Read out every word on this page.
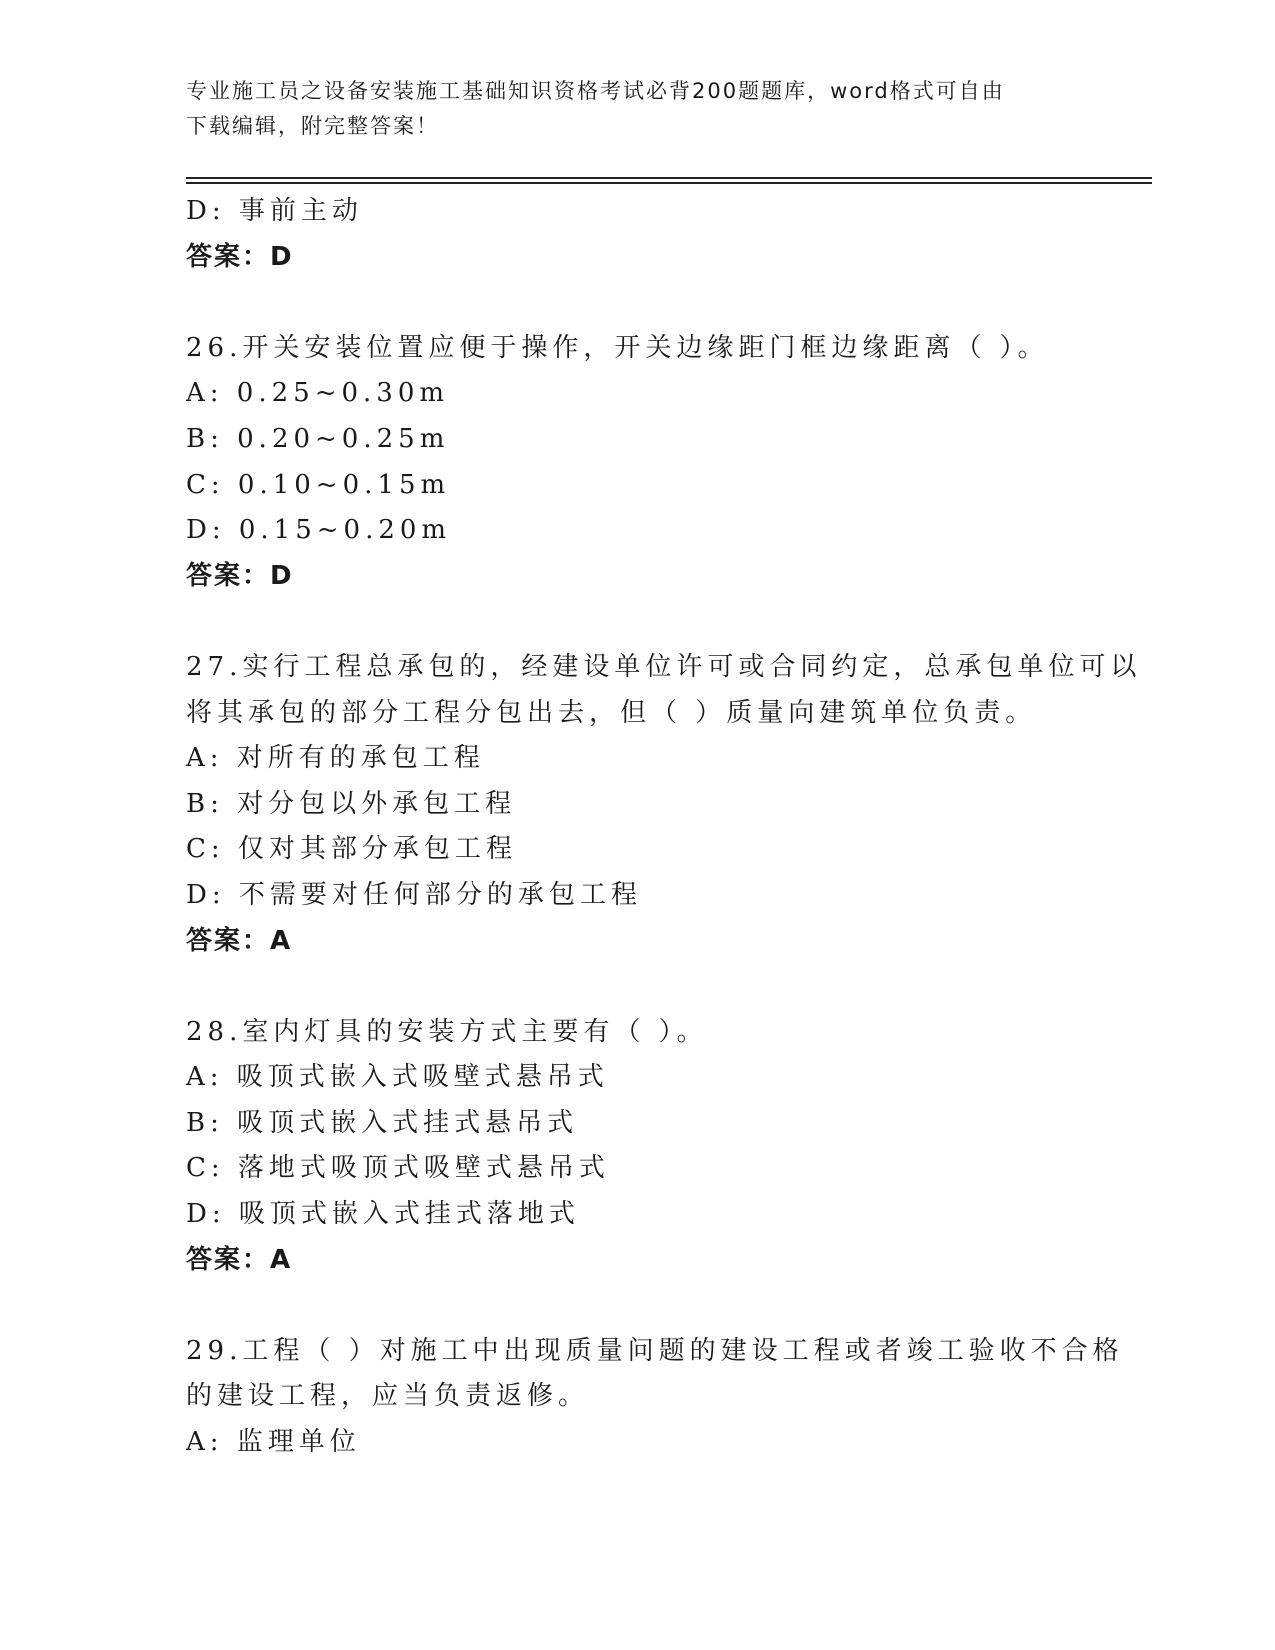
专业施工员之设备安装施工基础知识资格考试必背200题题库，word格式可自由
下载编辑，附完整答案！
D: 事前主动
答案：D
26.开关安装位置应便于操作，开关边缘距门框边缘距离（ ）。
A: 0.25~0.30m
B: 0.20~0.25m
C: 0.10~0.15m
D: 0.15~0.20m
答案：D
27.实行工程总承包的，经建设单位许可或合同约定，总承包单位可以
将其承包的部分工程分包出去，但（ ）质量向建筑单位负责。
A: 对所有的承包工程
B: 对分包以外承包工程
C: 仅对其部分承包工程
D: 不需要对任何部分的承包工程
答案：A
28.室内灯具的安装方式主要有（ ）。
A: 吸顶式嵌入式吸壁式悬吊式
B: 吸顶式嵌入式挂式悬吊式
C: 落地式吸顶式吸壁式悬吊式
D: 吸顶式嵌入式挂式落地式
答案：A
29.工程（ ）对施工中出现质量问题的建设工程或者竣工验收不合格
的建设工程，应当负责返修。
A: 监理单位
